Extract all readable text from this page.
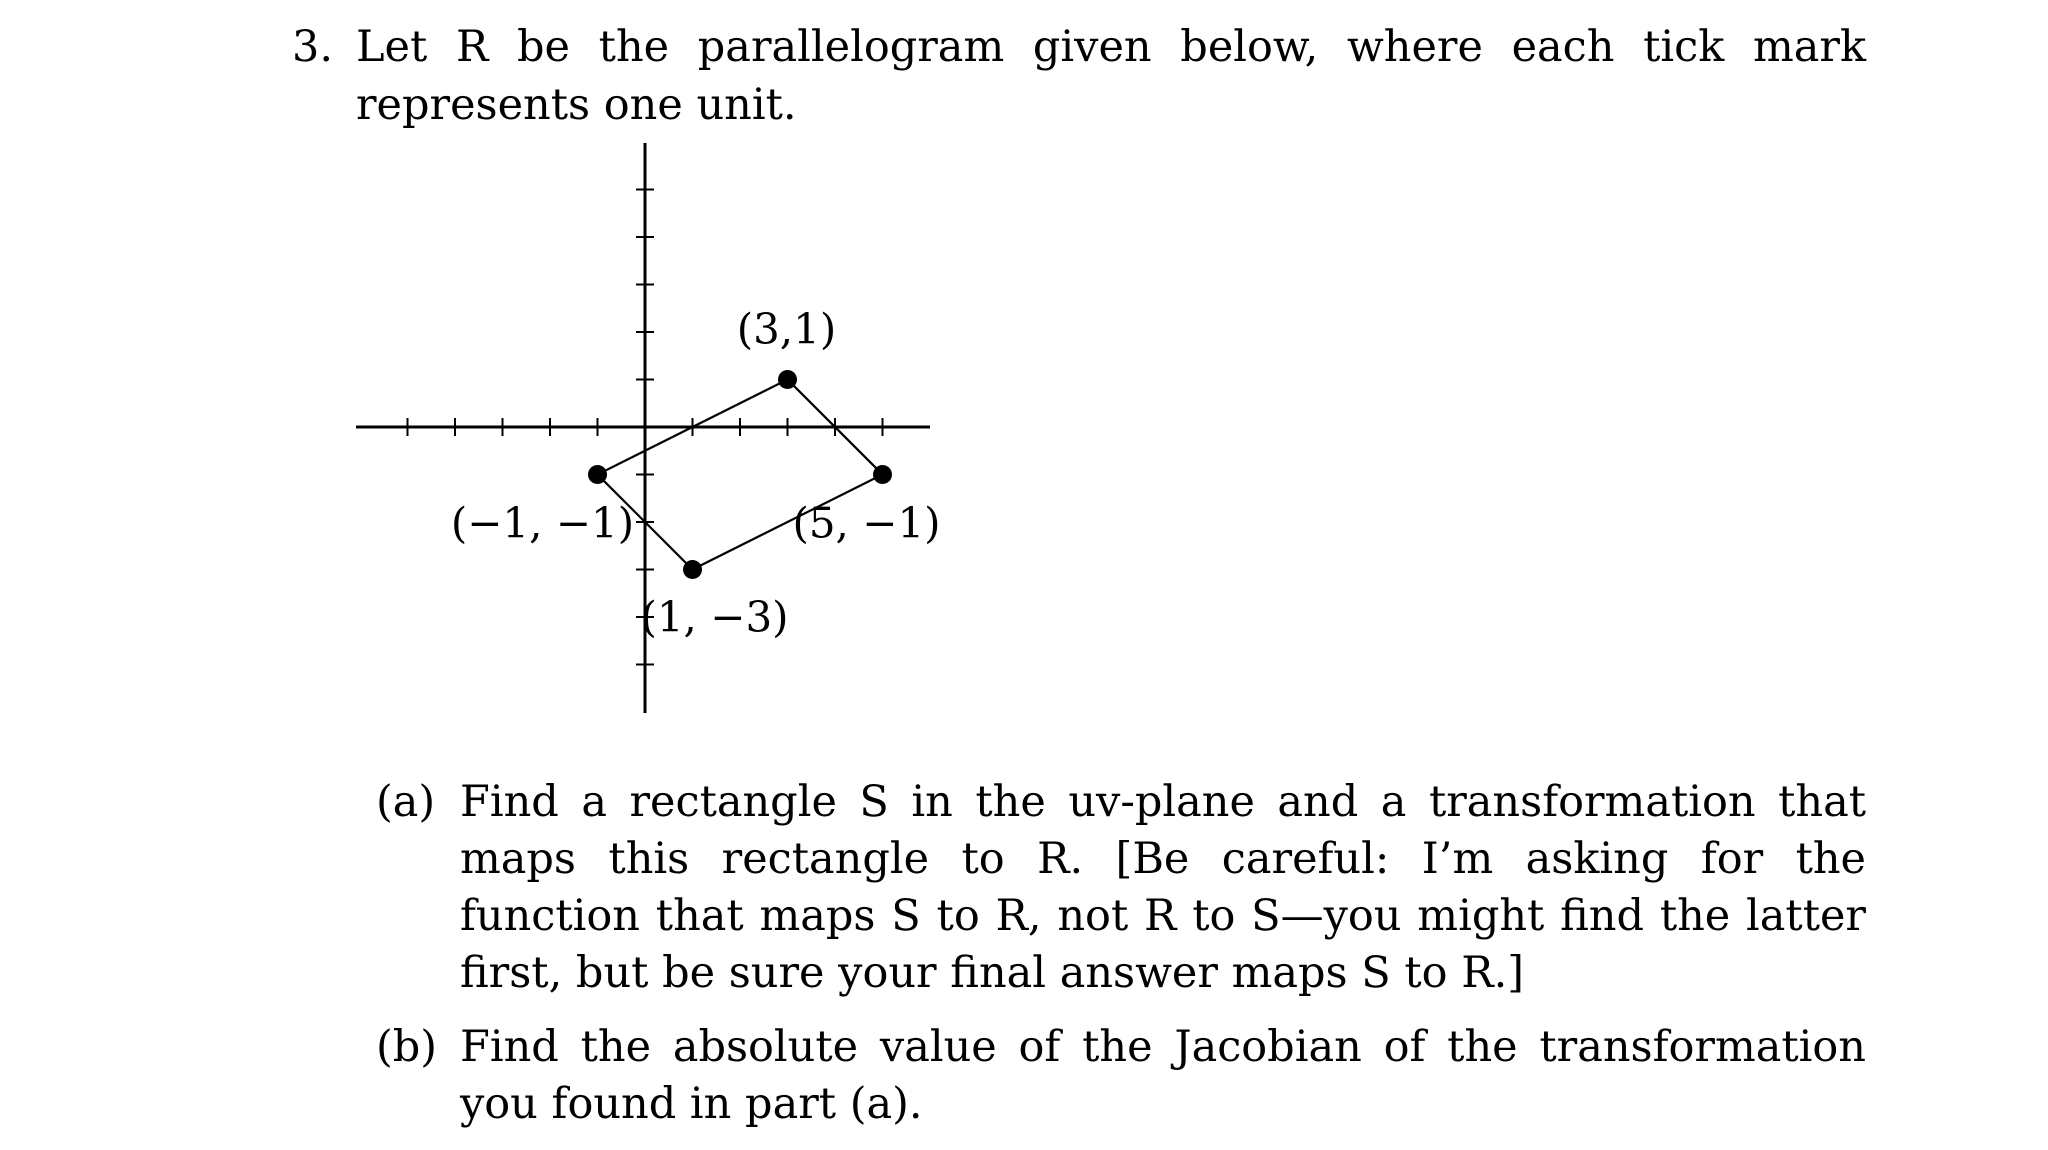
3. Let R be the parallelogram given below, where each tick mark represents one unit.
(3,1)
(5, −1)
(1, −3)
(−1, −1)
(a) Find a rectangle S in the uv-plane and a transformation that maps this rectangle to R. [Be careful: I’m asking for the function that maps S to R, not R to S—you might find the latter first, but be sure your final answer maps S to R.]
(b) Find the absolute value of the Jacobian of the transformation you found in part (a).
